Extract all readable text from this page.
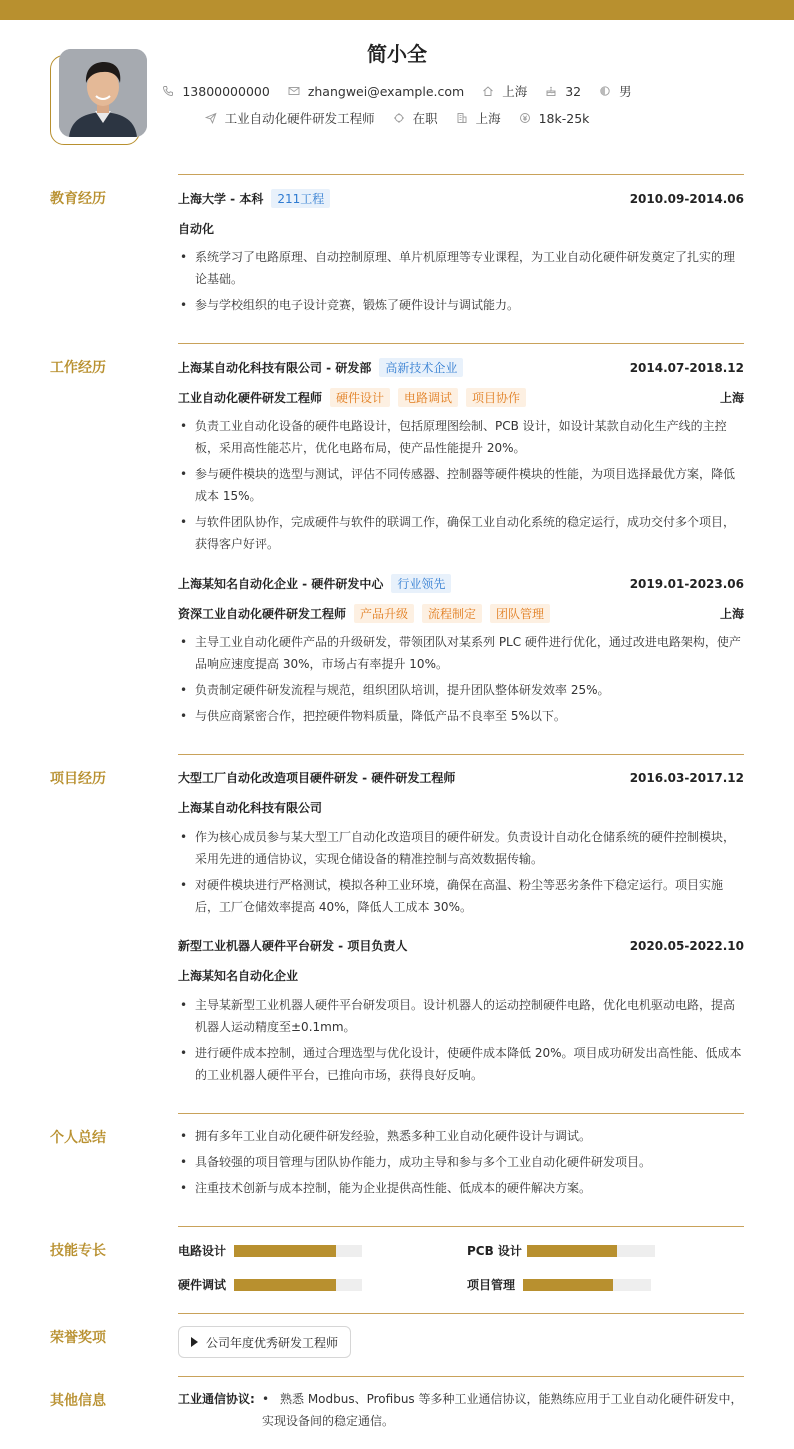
简小全
13800000000	zhangwei@example.com	上海	32	男
工业自动化硬件研发工程师	在职	上海	18k-25k
教育经历	上海大学 - 本科	211工程	2010.09-2014.06
自动化
• 系统学习了电路原理、自动控制原理、单片机原理等专业课程，为工业自动化硬件研发奠定了扎实的理论基础。
• 参与学校组织的电子设计竞赛，锻炼了硬件设计与调试能力。
工作经历	上海某自动化科技有限公司 - 研发部	高新技术企业	2014.07-2018.12
工业自动化硬件研发工程师	硬件设计	电路调试	项目协作	上海
• 负责工业自动化设备的硬件电路设计，包括原理图绘制、PCB 设计，如设计某款自动化生产线的主控板，采用高性能芯片，优化电路布局，使产品性能提升 20%。
• 参与硬件模块的选型与测试，评估不同传感器、控制器等硬件模块的性能，为项目选择最优方案，降低成本 15%。
• 与软件团队协作，完成硬件与软件的联调工作，确保工业自动化系统的稳定运行，成功交付多个项目，获得客户好评。
上海某知名自动化企业 - 硬件研发中心	行业领先	2019.01-2023.06
资深工业自动化硬件研发工程师	产品升级	流程制定	团队管理	上海
• 主导工业自动化硬件产品的升级研发，带领团队对某系列 PLC 硬件进行优化，通过改进电路架构，使产品响应速度提高 30%，市场占有率提升 10%。
• 负责制定硬件研发流程与规范，组织团队培训，提升团队整体研发效率 25%。
• 与供应商紧密合作，把控硬件物料质量，降低产品不良率至 5%以下。
项目经历	大型工厂自动化改造项目硬件研发 - 硬件研发工程师	2016.03-2017.12
上海某自动化科技有限公司
• 作为核心成员参与某大型工厂自动化改造项目的硬件研发。负责设计自动化仓储系统的硬件控制模块，采用先进的通信协议，实现仓储设备的精准控制与高效数据传输。
• 对硬件模块进行严格测试，模拟各种工业环境，确保在高温、粉尘等恶劣条件下稳定运行。项目实施后，工厂仓储效率提高 40%，降低人工成本 30%。
新型工业机器人硬件平台研发 - 项目负责人	2020.05-2022.10
上海某知名自动化企业
• 主导某新型工业机器人硬件平台研发项目。设计机器人的运动控制硬件电路，优化电机驱动电路，提高机器人运动精度至±0.1mm。
• 进行硬件成本控制，通过合理选型与优化设计，使硬件成本降低 20%。项目成功研发出高性能、低成本的工业机器人硬件平台，已推向市场，获得良好反响。
个人总结
•	拥有多年工业自动化硬件研发经验，熟悉多种工业自动化硬件设计与调试。
• 具备较强的项目管理与团队协作能力，成功主导和参与多个工业自动化硬件研发项目。
• 注重技术创新与成本控制，能为企业提供高性能、低成本的硬件解决方案。
技能专长	电路设计	PCB 设计
硬件调试	项目管理
荣誉奖项	公司年度优秀研发工程师
其他信息	工业通信协议: • 熟悉 Modbus、Profibus 等多种工业通信协议，能熟练应用于工业自动化硬件研发中，实现设备间的稳定通信。
